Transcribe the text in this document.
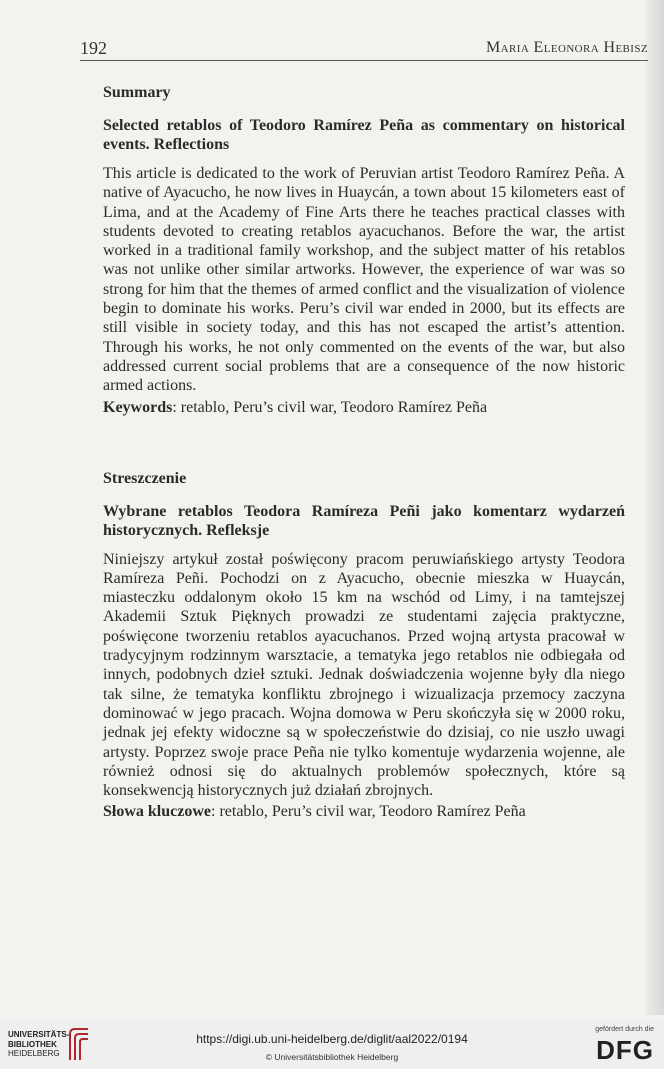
192	Maria Eleonora Hebisz

Summary

Selected retablos of Teodoro Ramírez Peña as commentary on historical events. Reflections

This article is dedicated to the work of Peruvian artist Teodoro Ramírez Peña. A native of Ayacucho, he now lives in Huaycán, a town about 15 kilometers east of Lima, and at the Academy of Fine Arts there he teaches practical classes with students devoted to creating retablos ayacuchanos. Before the war, the artist worked in a traditional family workshop, and the subject matter of his retablos was not unlike other similar artworks. However, the experience of war was so strong for him that the themes of armed conflict and the visualization of violence begin to dominate his works. Peru’s civil war ended in 2000, but its effects are still visible in society today, and this has not escaped the artist’s attention. Through his works, he not only commented on the events of the war, but also addressed current social problems that are a consequence of the now historic armed actions.

Keywords: retablo, Peru’s civil war, Teodoro Ramírez Peña

Streszczenie

Wybrane retablos Teodora Ramíreza Peñi jako komentarz wydarzeń historycznych. Refleksje

Niniejszy artykuł został poświęcony pracom peruwiańskiego artysty Teodora Ramíreza Peñi. Pochodzi on z Ayacucho, obecnie mieszka w Huaycán, miasteczku oddalonym około 15 km na wschód od Limy, i na tamtejszej Akademii Sztuk Pięknych prowadzi ze studentami zajęcia praktyczne, poświęcone tworzeniu retablos ayacuchanos. Przed wojną artysta pracował w tradycyjnym rodzinnym warsztacie, a tematyka jego retablos nie odbiegała od innych, podobnych dzieł sztuki. Jednak doświadczenia wojenne były dla niego tak silne, że tematyka konfliktu zbrojnego i wizualizacja przemocy zaczyna dominować w jego pracach. Wojna domowa w Peru skończyła się w 2000 roku, jednak jej efekty widoczne są w społeczeństwie do dzisiaj, co nie uszło uwagi artysty. Poprzez swoje prace Peña nie tylko komentuje wydarzenia wojenne, ale również odnosi się do aktualnych problemów społecznych, które są konsekwencją historycznych już działań zbrojnych.

Słowa kluczowe: retablo, Peru’s civil war, Teodoro Ramírez Peña

UNIVERSITÄTS-
BIBLIOTHEK
HEIDELBERG
https://digi.ub.uni-heidelberg.de/diglit/aal2022/0194
© Universitätsbibliothek Heidelberg
gefördert durch die
DFG
